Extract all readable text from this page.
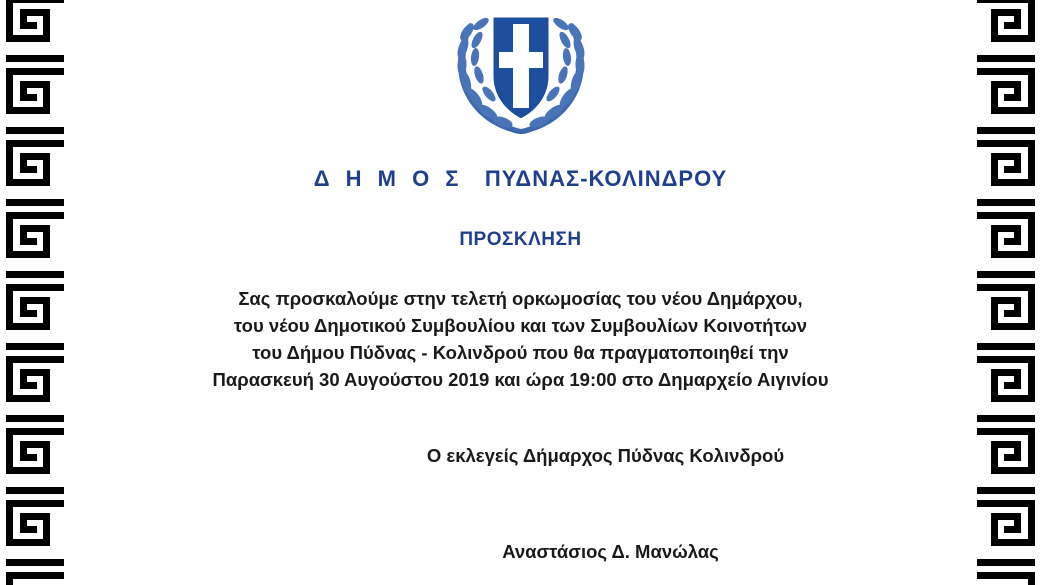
Δ Η Μ Ο Σ ΠΥΔΝΑΣ-ΚΟΛΙΝΔΡΟΥ
ΠΡΟΣΚΛΗΣΗ
Σας προσκαλούμε στην τελετή ορκωμοσίας του νέου Δημάρχου,
του νέου Δημοτικού Συμβουλίου και των Συμβουλίων Κοινοτήτων
του Δήμου Πύδνας - Κολινδρού που θα πραγματοποιηθεί την
Παρασκευή 30 Αυγούστου 2019 και ώρα 19:00 στο Δημαρχείο Αιγινίου
Ο εκλεγείς Δήμαρχος Πύδνας Κολινδρού
Αναστάσιος Δ. Μανώλας
